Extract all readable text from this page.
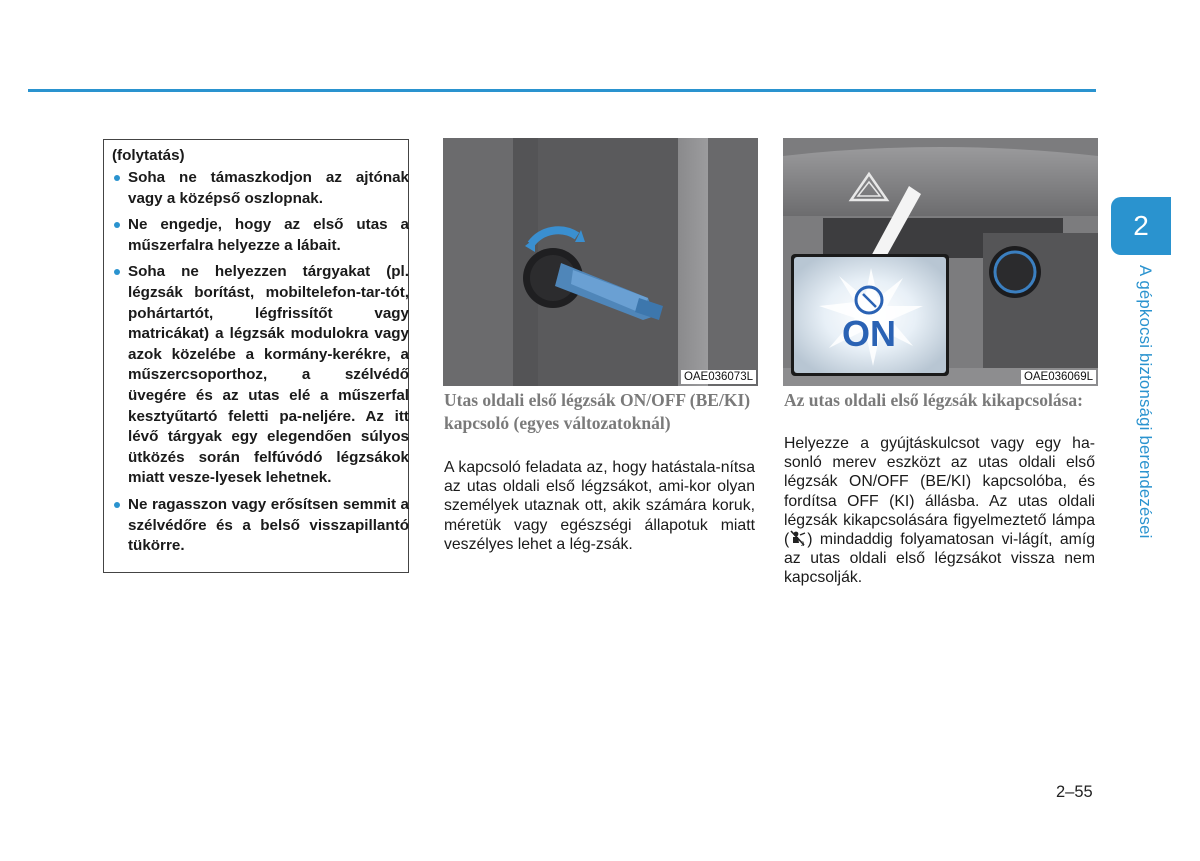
(folytatás)
Soha ne támaszkodjon az ajtónak vagy a középső oszlopnak.
Ne engedje, hogy az első utas a műszerfalra helyezze a lábait.
Soha ne helyezzen tárgyakat (pl. légzsák borítást, mobiltelefon-tar-tót, pohártartót, légfrissítőt vagy matricákat) a légzsák modulokra vagy azok közelébe a kormány-kerékre, a műszercsoporthoz, a szélvédő üvegére és az utas elé a műszerfal kesztyűtartó feletti pa-neljére. Az itt lévő tárgyak egy elegendően súlyos ütközés során felfúvódó légzsákok miatt vesze-lyesek lehetnek.
Ne ragasszon vagy erősítsen semmit a szélvédőre és a belső visszapillantó tükörre.
OAE036073L
ON
OAE036069L
Utas oldali első légzsák ON/OFF (BE/KI) kapcsoló (egyes változatoknál)
A kapcsoló feladata az, hogy hatástala-nítsa az utas oldali első légzsákot, ami-kor olyan személyek utaznak ott, akik számára koruk, méretük vagy egészségi állapotuk miatt veszélyes lehet a lég-zsák.
Az utas oldali első légzsák kikapcsolása:
Helyezze a gyújtáskulcsot vagy egy ha-sonló merev eszközt az utas oldali első légzsák ON/OFF (BE/KI) kapcsolóba, és fordítsa OFF (KI) állásba. Az utas oldali légzsák kikapcsolására figyelmeztető lámpa ( 2 ) mindaddig folyamatosan vi-lágít, amíg az utas oldali első légzsákot vissza nem kapcsolják.
2
A gépkocsi biztonsági berendezései
2–55
